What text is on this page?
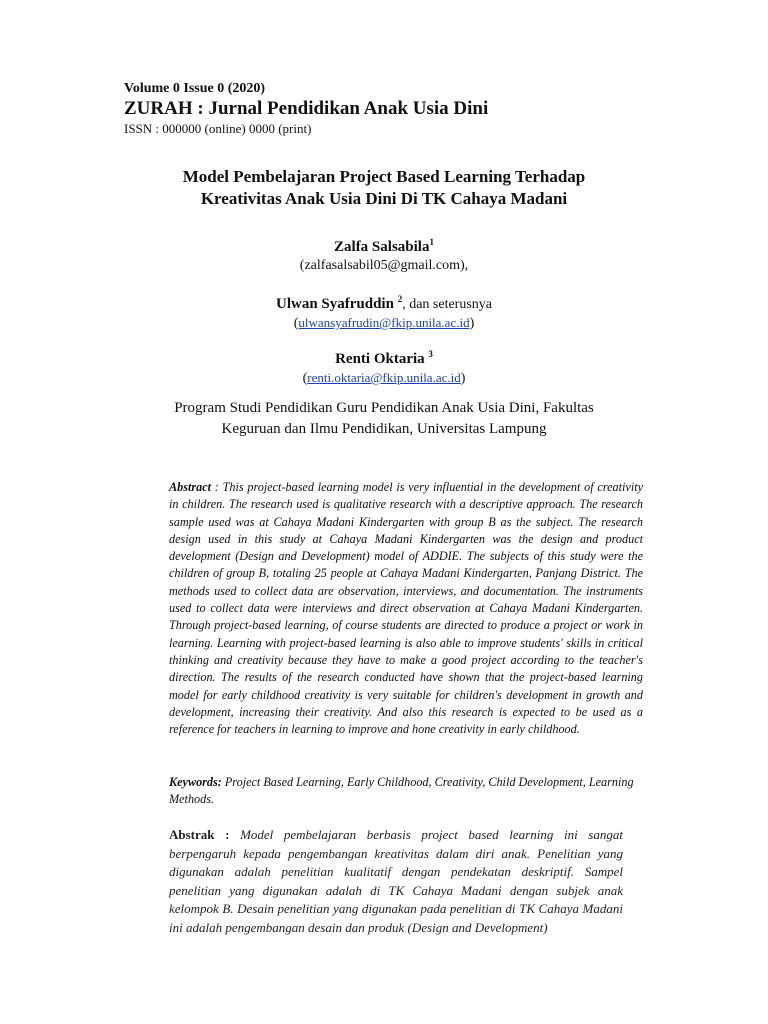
Volume 0 Issue 0 (2020)
ZURAH : Jurnal Pendidikan Anak Usia Dini
ISSN : 000000 (online) 0000 (print)
Model Pembelajaran Project Based Learning Terhadap
Kreativitas Anak Usia Dini Di TK Cahaya Madani
Zalfa Salsabila$^1$
(zalfasalsabil05@gmail.com),
Ulwan Syafruddin $^2$, dan seterusnya
(ulwansyafrudin@fkip.unila.ac.id)
Renti Oktaria $^3$
(renti.oktaria@fkip.unila.ac.id)
Program Studi Pendidikan Guru Pendidikan Anak Usia Dini, Fakultas
Keguruan dan Ilmu Pendidikan, Universitas Lampung
Abstract : This project-based learning model is very influential in the development of creativity in children. The research used is qualitative research with a descriptive approach. The research sample used was at Cahaya Madani Kindergarten with group B as the subject. The research design used in this study at Cahaya Madani Kindergarten was the design and product development (Design and Development) model of ADDIE. The subjects of this study were the children of group B, totaling 25 people at Cahaya Madani Kindergarten, Panjang District. The methods used to collect data are observation, interviews, and documentation. The instruments used to collect data were interviews and direct observation at Cahaya Madani Kindergarten. Through project-based learning, of course students are directed to produce a project or work in learning. Learning with project-based learning is also able to improve students' skills in critical thinking and creativity because they have to make a good project according to the teacher's direction. The results of the research conducted have shown that the project-based learning model for early childhood creativity is very suitable for children's development in growth and development, increasing their creativity. And also this research is expected to be used as a reference for teachers in learning to improve and hone creativity in early childhood.
Keywords: Project Based Learning, Early Childhood, Creativity, Child Development, Learning Methods.
Abstrak : Model pembelajaran berbasis project based learning ini sangat berpengaruh kepada pengembangan kreativitas dalam diri anak. Penelitian yang digunakan adalah penelitian kualitatif dengan pendekatan deskriptif. Sampel penelitian yang digunakan adalah di TK Cahaya Madani dengan subjek anak kelompok B. Desain penelitian yang digunakan pada penelitian di TK Cahaya Madani ini adalah pengembangan desain dan produk (Design and Development)
